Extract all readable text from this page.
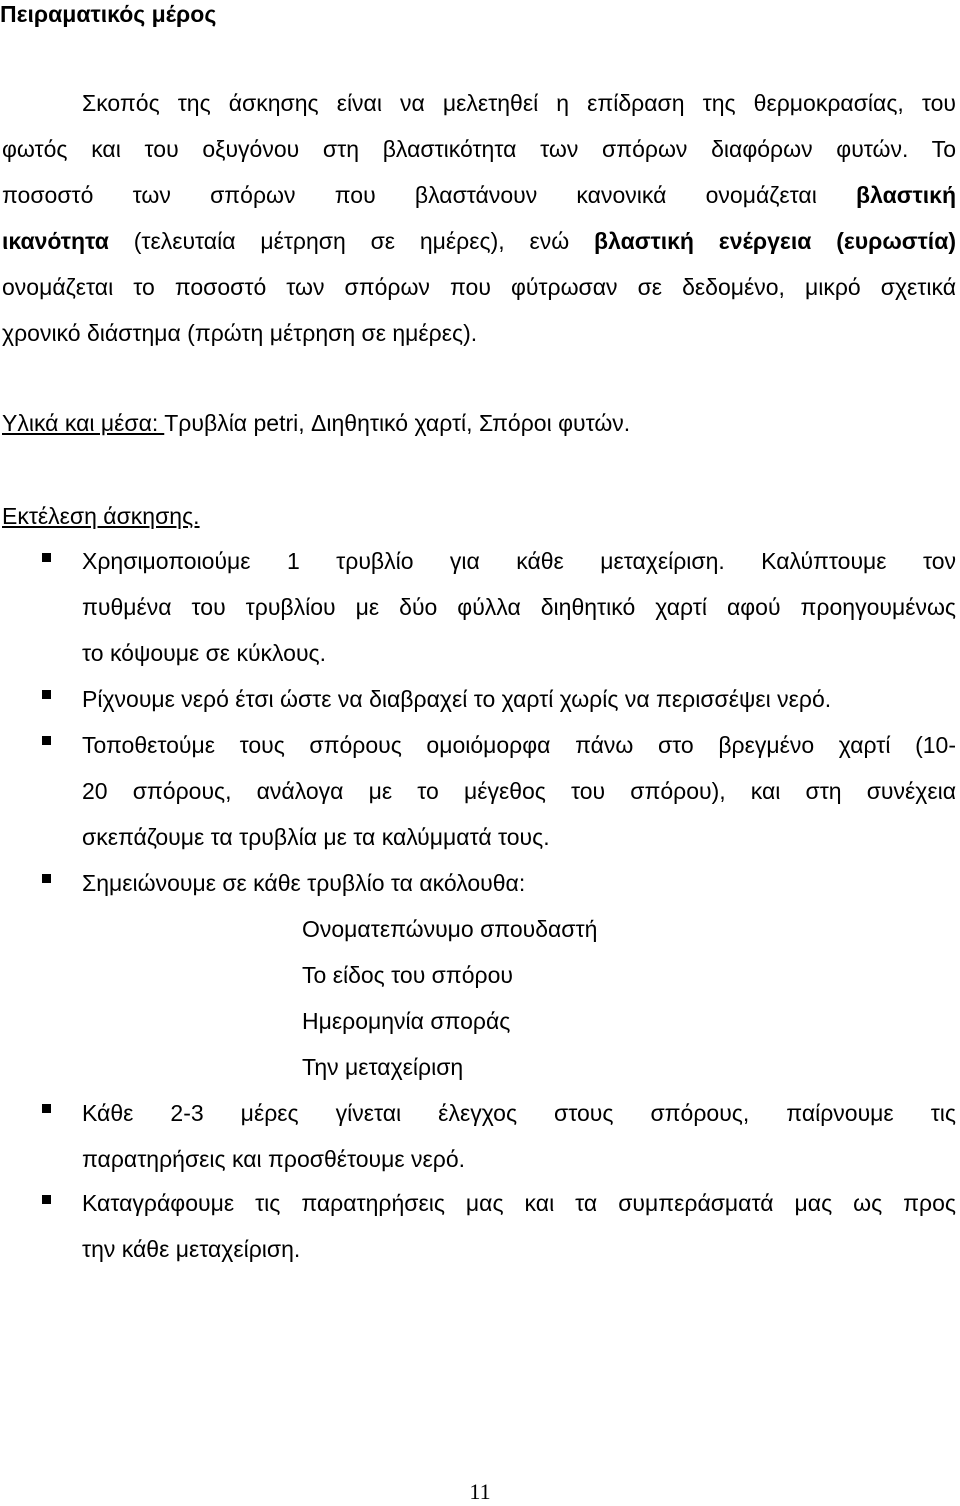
Πειραματικός μέρος
Σκοπός της άσκησης είναι να μελετηθεί η επίδραση της θερμοκρασίας, του
φωτός και του οξυγόνου στη βλαστικότητα των σπόρων διαφόρων φυτών. Το
ποσοστό των σπόρων που βλαστάνουν κανονικά ονομάζεται βλαστική
ικανότητα (τελευταία μέτρηση σε ημέρες), ενώ βλαστική ενέργεια (ευρωστία)
ονομάζεται το ποσοστό των σπόρων που φύτρωσαν σε δεδομένο, μικρό σχετικά
χρονικό διάστημα (πρώτη μέτρηση σε ημέρες).
Υλικά και μέσα: Τρυβλία petri, Διηθητικό χαρτί, Σπόροι φυτών.
Εκτέλεση άσκησης.
Χρησιμοποιούμε 1 τρυβλίο για κάθε μεταχείριση. Καλύπτουμε τον
πυθμένα του τρυβλίου με δύο φύλλα διηθητικό χαρτί αφού προηγουμένως
το κόψουμε σε κύκλους.
Ρίχνουμε νερό έτσι ώστε να διαβραχεί το χαρτί χωρίς να περισσέψει νερό.
Τοποθετούμε τους σπόρους ομοιόμορφα πάνω στο βρεγμένο χαρτί (10-
20 σπόρους, ανάλογα με το μέγεθος του σπόρου), και στη συνέχεια
σκεπάζουμε τα τρυβλία με τα καλύμματά τους.
Σημειώνουμε σε κάθε τρυβλίο τα ακόλουθα:
Ονοματεπώνυμο σπουδαστή
Το είδος του σπόρου
Ημερομηνία σποράς
Την μεταχείριση
Κάθε 2-3 μέρες γίνεται έλεγχος στους σπόρους, παίρνουμε τις
παρατηρήσεις και προσθέτουμε νερό.
Καταγράφουμε τις παρατηρήσεις μας και τα συμπεράσματά μας ως προς
την κάθε μεταχείριση.
11
